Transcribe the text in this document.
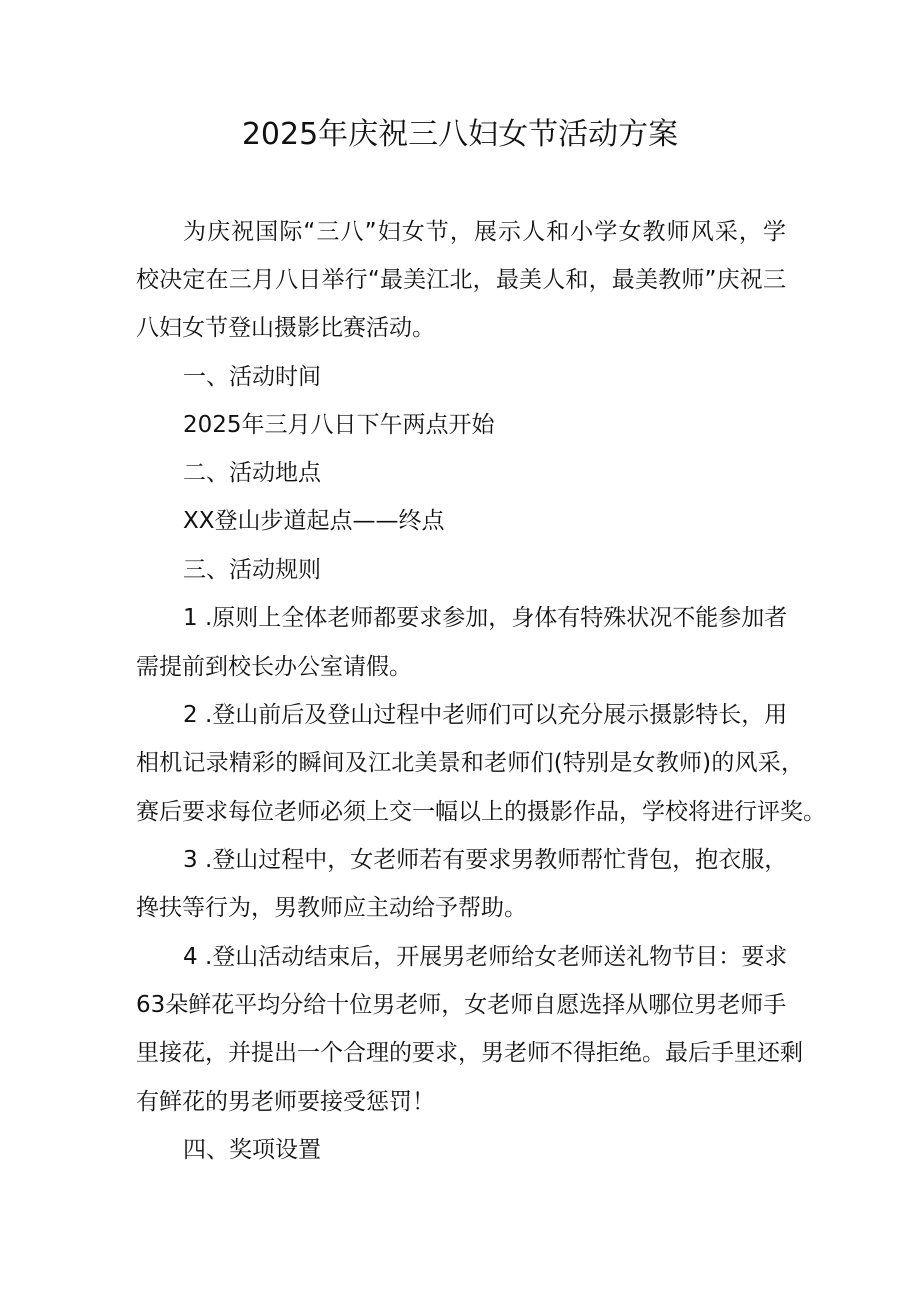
2025年庆祝三八妇女节活动方案
为庆祝国际“三八”妇女节，展示人和小学女教师风采，学
校决定在三月八日举行“最美江北，最美人和，最美教师”庆祝三
八妇女节登山摄影比赛活动。
一、活动时间
2025年三月八日下午两点开始
二、活动地点
XX登山步道起点——终点
三、活动规则
1 .原则上全体老师都要求参加，身体有特殊状况不能参加者
需提前到校长办公室请假。
2 .登山前后及登山过程中老师们可以充分展示摄影特长，用
相机记录精彩的瞬间及江北美景和老师们(特别是女教师)的风采，
赛后要求每位老师必须上交一幅以上的摄影作品，学校将进行评奖。
3 .登山过程中，女老师若有要求男教师帮忙背包，抱衣服，
搀扶等行为，男教师应主动给予帮助。
4 .登山活动结束后，开展男老师给女老师送礼物节目：要求
63朵鲜花平均分给十位男老师，女老师自愿选择从哪位男老师手
里接花，并提出一个合理的要求，男老师不得拒绝。最后手里还剩
有鲜花的男老师要接受惩罚！
四、奖项设置
